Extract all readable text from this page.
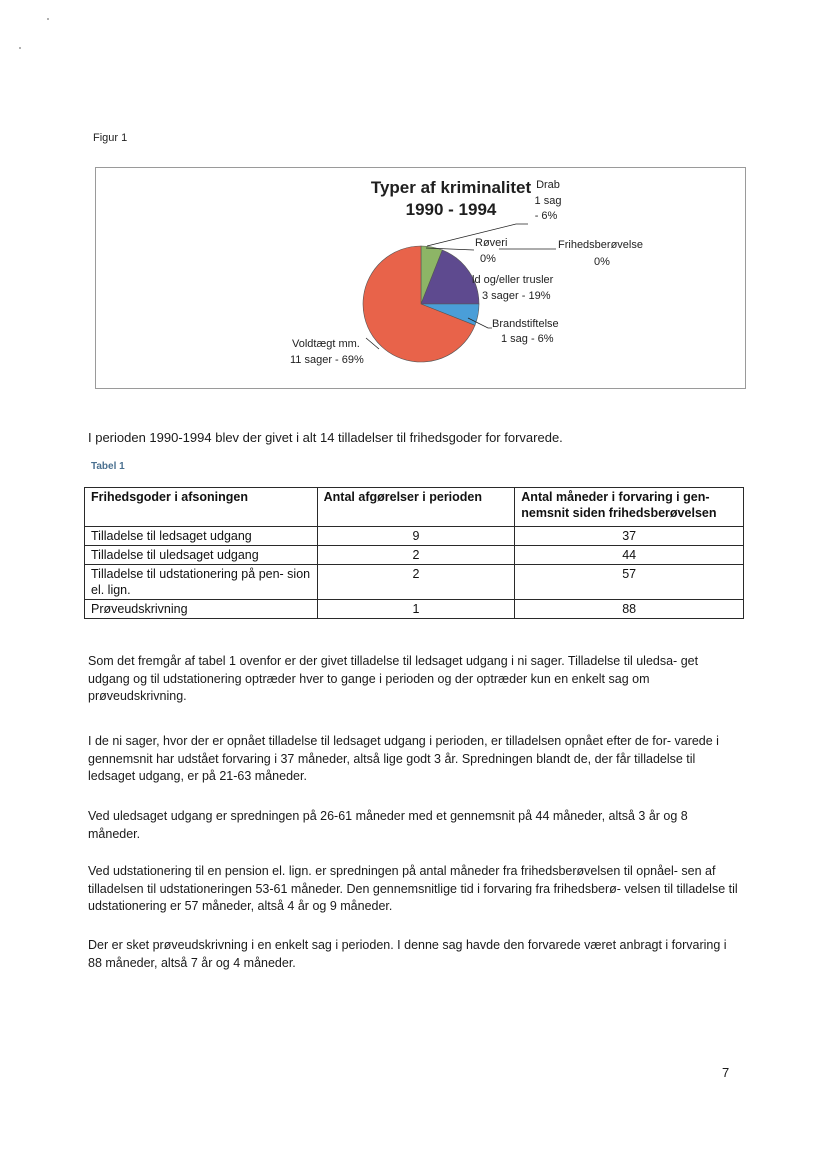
Figur 1
Typer af kriminalitet
1990 - 1994
Drab
1 sag
- 6%
Røveri
0%
Frihedsberøvelse
0%
ld og/eller trusler
3 sager - 19%
Brandstiftelse
1 sag - 6%
Voldtægt mm.
11 sager - 69%
I perioden 1990-1994 blev der givet i alt 14 tilladelser til frihedsgoder for forvarede.
Tabel 1
Frihedsgoder i afsoningen	Antal afgørelser i perioden	Antal måneder i forvaring i gen- nemsnit siden frihedsberøvelsen
Tilladelse til ledsaget udgang	9	37
Tilladelse til uledsaget udgang	2	44
Tilladelse til udstationering på pen- sion el. lign.	2	57
Prøveudskrivning	1	88
Som det fremgår af tabel 1 ovenfor er der givet tilladelse til ledsaget udgang i ni sager. Tilladelse til uledsa- get udgang og til udstationering optræder hver to gange i perioden og der optræder kun en enkelt sag om prøveudskrivning.
I de ni sager, hvor der er opnået tilladelse til ledsaget udgang i perioden, er tilladelsen opnået efter de for- varede i gennemsnit har udstået forvaring i 37 måneder, altså lige godt 3 år. Spredningen blandt de, der får tilladelse til ledsaget udgang, er på 21-63 måneder.
Ved uledsaget udgang er spredningen på 26-61 måneder med et gennemsnit på 44 måneder, altså 3 år og 8 måneder.
Ved udstationering til en pension el. lign. er spredningen på antal måneder fra frihedsberøvelsen til opnåel- sen af tilladelsen til udstationeringen 53-61 måneder. Den gennemsnitlige tid i forvaring fra frihedsberø- velsen til tilladelse til udstationering er 57 måneder, altså 4 år og 9 måneder.
Der er sket prøveudskrivning i en enkelt sag i perioden. I denne sag havde den forvarede været anbragt i forvaring i 88 måneder, altså 7 år og 4 måneder.
7
